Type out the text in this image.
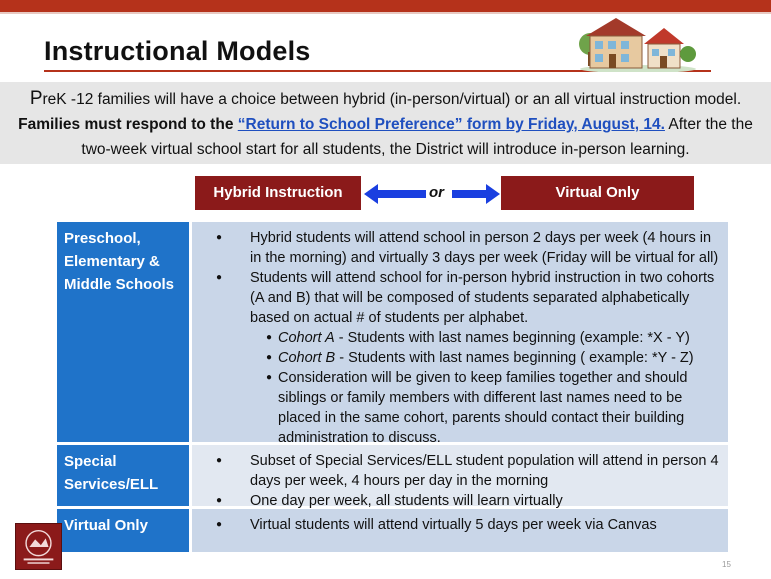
Instructional Models
PreK -12 families will have a choice between hybrid (in-person/virtual) or an all virtual instruction model.
Families must respond to the “Return to School Preference” form by Friday, August, 14. After the the
two-week virtual school start for all students, the District will introduce in-person learning.
Hybrid Instruction	or	Virtual Only
Preschool, Elementary & Middle Schools
● Hybrid students will attend school in person 2 days per week (4 hours in in the morning) and virtually 3 days per week (Friday will be virtual for all)
● Students will attend school for in-person hybrid instruction in two cohorts (A and B) that will be composed of students separated alphabetically based on actual # of students per alphabet.
● Cohort A - Students with last names beginning (example: *X - Y)
● Cohort B - Students with last names beginning ( example: *Y - Z)
● Consideration will be given to keep families together and should siblings or family members with different last names need to be placed in the same cohort, parents should contact their building administration to discuss.
Special Services/ELL
● Subset of Special Services/ELL student population will attend in person 4 days per week, 4 hours per day in the morning
● One day per week, all students will learn virtually
Virtual Only
●	Virtual students will attend virtually 5 days per week via Canvas
15
